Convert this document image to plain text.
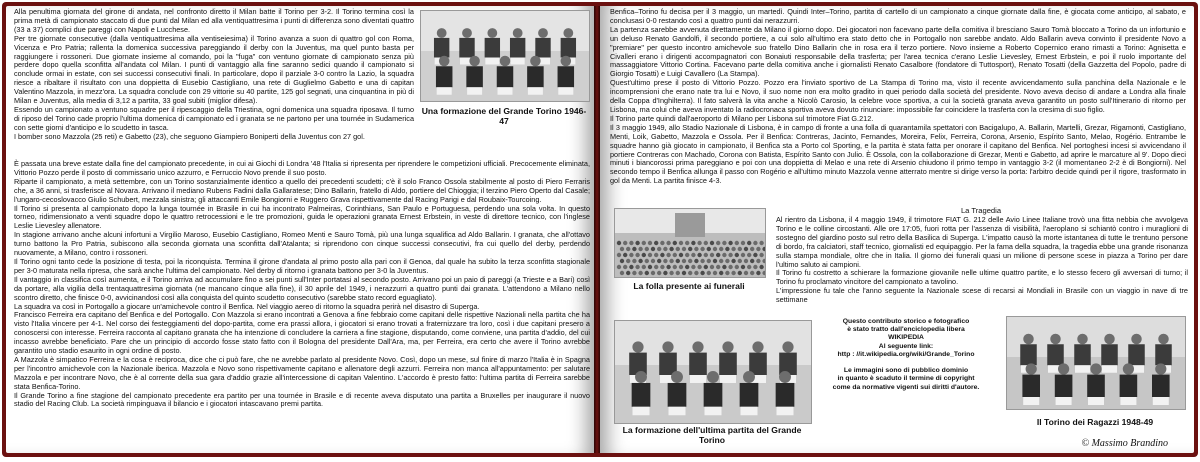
Alla penultima giornata del girone di andata, nel confronto diretto il Milan batte il Torino per 3-2. Il Torino termina così la prima metà di campionato staccato di due punti dal Milan ed alla ventiquattresima i punti di differenza sono diventati quattro (33 a 37) complici due pareggi con Napoli e Lucchese.

Per tre giornate consecutive (dalla ventiquattresima alla ventiseiesima) il Torino avanza a suon di quattro gol con Roma, Vicenza e Pro Patria; rallenta la domenica successiva pareggiando il derby con la Juventus, ma quel punto basta per raggiungere i rossoneri. Due giornate insieme al comando, poi la "fuga" con ventuno giornate di campionato senza più perdere dopo quella sconfitta all'andata col Milan. I punti di vantaggio alla fine saranno sedici quando il campionato si conclude ormai in estate, con sei successi consecutivi finali. In particolare, dopo il parziale 3-0 contro la Lazio, la squadra riesce a ribaltare il risultato con una doppietta di Eusebio Castigliano, una rete di Guglielmo Gabetto e una di capitan Valentino Mazzola, in mezz'ora. La squadra conclude con 29 vittorie su 40 partite, 125 gol segnati, una cinquantina in più di Milan e Juventus, alla media di 3,12 a partita, 33 goal subiti (miglior difesa).

Essendo un campionato a ventuno squadre per il ripescaggio della Triestina, ogni domenica una squadra riposava. Il turno di riposo del Torino cade proprio l'ultima domenica di campionato ed i granata se ne partono per una tournée in Sudamerica con sette giorni d'anticipo e lo scudetto in tasca.

I bomber sono Mazzola (25 reti) e Gabetto (23), che seguono Giampiero Boniperti della Juventus con 27 gol.

Una formazione del Grande Torino 1946-47

È passata una breve estate dalla fine del campionato precedente, in cui ai Giochi di Londra '48 l'Italia si ripresenta per riprendere le competizioni ufficiali. Precocemente eliminata, Vittorio Pozzo perde il posto di commissario unico azzurro, e Ferruccio Novo prende il suo posto.

Riparte il campionato, a metà settembre, con un Torino sostanzialmente identico a quello dei precedenti scudetti; c'è il solo Franco Ossola stabilmente al posto di Piero Ferraris che, a 36 anni, si trasferisce al Novara. Arrivano il mediano Rubens Fadini dalla Gallaratese; Dino Ballarin, fratello di Aldo, portiere del Chioggia; il terzino Piero Operto dal Casale; l'ungaro-cecoslovacco Giulio Schubert, mezzala sinistra; gli attaccanti Emile Bongiorni e Ruggero Grava rispettivamente dal Racing Parigi e dal Roubaix-Tourcoing.

Il Torino si presenta al campionato dopo la lunga tournée in Brasile in cui ha incontrato Palmeiras, Corinthians, San Paulo e Portuguesa, perdendo una sola volta. In questo torneo, ridimensionato a venti squadre dopo le quattro retrocessioni e le tre promozioni, guida le operazioni granata Ernest Erbstein, in veste di direttore tecnico, con l'inglese Leslie Lievesley allenatore.

In stagione arrivano anche alcuni infortuni a Virgilio Maroso, Eusebio Castigliano, Romeo Menti e Sauro Tomà, più una lunga squalifica ad Aldo Ballarin. I granata, che all'ottavo turno battono la Pro Patria, subiscono alla seconda giornata una sconfitta dall'Atalanta; si riprendono con cinque successi consecutivi, fra cui quello del derby, perdendo nuovamente, a Milano, contro i rossoneri.

Il Torino ogni tanto cede la posizione di testa, poi la riconquista. Termina il girone d'andata al primo posto alla pari con il Genoa, dal quale ha subito la terza sconfitta stagionale per 3-0 maturata nella ripresa, che sarà anche l'ultima del campionato. Nel derby di ritorno i granata battono per 3-0 la Juventus.

Il vantaggio in classifica così aumenta, e il Torino arriva ad accumulare fino a sei punti sull'Inter portatasi al secondo posto. Arrivano poi un paio di pareggi (a Trieste e a Bari) così da portare, alla vigilia della trentaquattresima giornata (ne mancano cinque alla fine), il 30 aprile del 1949, i nerazzurri a quattro punti dai granata. L'attendono a Milano nello scontro diretto, che finisce 0-0, avvicinandosi così alla conquista del quinto scudetto consecutivo (sarebbe stato record eguagliato).

La squadra va così in Portogallo a giocare un'amichevole contro il Benfica. Nel viaggio aereo di ritorno la squadra perirà nel disastro di Superga.

Francisco Ferreira era capitano del Benfica e del Portogallo. Con Mazzola si erano incontrati a Genova a fine febbraio come capitani delle rispettive Nazionali nella partita che ha visto l'Italia vincere per 4-1. Nel corso dei festeggiamenti del dopo-partita, come era prassi allora, i giocatori si erano trovati a fraternizzare tra loro, così i due capitani presero a conoscersi con interesse. Ferreira racconta al capitano granata che ha intenzione di concludere la carriera a fine stagione, disputando, come conviene, una partita d'addio, del cui incasso avrebbe beneficiato. Pare che un principio di accordo fosse stato fatto con il Bologna del presidente Dall'Ara, ma, per Ferreira, era certo che avere il Torino avrebbe garantito uno stadio esaurito in ogni ordine di posto.

A Mazzola è simpatico Ferreira e la cosa è reciproca, dice che ci può fare, che ne avrebbe parlato al presidente Novo. Così, dopo un mese, sul finire di marzo l'Italia è in Spagna per l'incontro amichevole con la Nazionale iberica. Mazzola e Novo sono rispettivamente capitano e allenatore degli azzurri. Ferreira non manca all'appuntamento: per salutare Mazzola e per incontrare Novo, che è al corrente della sua gara d'addio grazie all'intercessione di capitan Valentino. L'accordo è presto fatto: l'ultima partita di Ferreira sarebbe stata Benfica-Torino.

Il Grande Torino a fine stagione del campionato precedente era partito per una tournée in Brasile e di recente aveva disputato una partita a Bruxelles per inaugurare il nuovo stadio del Racing Club. La società rimpinguava il bilancio e i giocatori intascavano premi partita.

Benfica–Torino fu decisa per il 3 maggio, un martedì. Quindi Inter–Torino, partita di cartello di un campionato a cinque giornate dalla fine, è giocata come anticipo, al sabato, e conclusasi 0-0 restando così a quattro punti dai nerazzurri.

La partenza sarebbe avvenuta direttamente da Milano il giorno dopo. Dei giocatori non facevano parte della comitiva il bresciano Sauro Tomà bloccato a Torino da un infortunio e un deluso Renato Gandolfi, il secondo portiere, a cui solo all'ultimo era stato detto che in Portogallo non sarebbe andato. Aldo Ballarin aveva convinto il presidente Novo a "premiare" per questo incontro amichevole suo fratello Dino Ballarin che in rosa era il terzo portiere. Novo insieme a Roberto Copernico erano rimasti a Torino: Agnisetta e Civalleri erano i dirigenti accompagnatori con Bonaiuti responsabile della trasferta; per l'area tecnica c'erano Leslie Lievesley, Ernest Erbstein, e poi il ruolo importante del massaggiatore Vittorio Cortina. Facevano parte della comitiva anche i giornalisti Renato Casalbore (fondatore di Tuttosport), Renato Tosatti (della Gazzetta del Popolo, padre di Giorgio Tosatti) e Luigi Cavallero (La Stampa).

Quest'ultimo prese il posto di Vittorio Pozzo. Pozzo era l'inviato sportivo de La Stampa di Torino ma, visto il recente avvicendamento sulla panchina della Nazionale e le incomprensioni che erano nate tra lui e Novo, il suo nome non era molto gradito in quei periodo dalla società del presidente. Novo aveva deciso di andare a Londra alla finale della Coppa d'Inghilterra). Il fato salverà la vita anche a Nicolò Carosio, la celebre voce sportiva, a cui la società granata aveva garantito un posto sull'Itinerario di ritorno per Lisbona, ma colui che aveva inventato la radiocronaca sportiva aveva dovuto rinunciare: impossibile far coincidere la trasferta con la cresima di suo figlio.

Il Torino parte quindi dall'aeroporto di Milano per Lisbona sul trimotore Fiat G.212.

Il 3 maggio 1949, allo Stadio Nazionale di Lisbona, è in campo di fronte a una folla di quarantamila spettatori con Bacigalupo, A. Ballarin, Martelli, Grezar, Rigamonti, Castigliano, Menti, Loik, Gabetto, Mazzola e Ossola. Per il Benfica: Contreras, Jacinto, Fernandes, Moreira, Felix, Ferreira, Corona, Arsenio, Espírito Santo, Melao, Rogério. Entrambe le squadre hanno già giocato in campionato, il Benfica sta a Porto col Sporting, e la partita è stata fatta per onorare il capitano del Benfica. Nel portoghesi incesi si avvicendano il portiere Contreras con Machado, Corona con Batista, Espírito Santo con Julio. È Ossola, con la collaborazione di Grezar, Menti e Gabetto, ad aprire le marcature al 9'. Dopo dieci minuti i biancorossi prima pareggiano e poi con una doppietta di Melao e una rete di Arsenio chiudono il primo tempo in vantaggio 3-2 (il momentaneo 2-2 è di Bongiorni). Nel secondo tempo il Benfica allunga il passo con Rogério e all'ultimo minuto Mazzola venne atterrato mentre si dirige verso la porta: l'arbitro decide quindi per il rigore, trasformato in gol da Menti. La partita finisce 4-3.

La folla presente ai funerali
La Tragedia

Al rientro da Lisbona, il 4 maggio 1949, il trimotore FIAT G. 212 delle Avio Linee Italiane trovò una fitta nebbia che avvolgeva Torino e le colline circostanti. Alle ore 17:05, fuori rotta per l'assenza di visibilità, l'aeroplano si schiantò contro i muraglioni di sostegno del giardino posto sul retro della Basilica di Superga. L'impatto causò la morte istantanea di tutte le trentuno persone di bordo, fra calciatori, staff tecnico, giornalisti ed equipaggio. Per la fama della squadra, la tragedia ebbe una grande risonanza sulla stampa mondiale, oltre che in Italia. Il giorno dei funerali quasi un milione di persone scese in piazza a Torino per dare l'ultimo saluto ai campioni.

Il Torino fu costretto a schierare la formazione giovanile nelle ultime quattro partite, e lo stesso fecero gli avversari di turno; il Torino fu proclamato vincitore del campionato a tavolino.

L'impressione fu tale che l'anno seguente la Nazionale scese di recarsi ai Mondiali in Brasile con un viaggio in nave di tre settimane

La formazione dell'ultima partita del Grande Torino
Questo contributo storico e fotografico
è stato tratto dall'enciclopedia libera
WIKIPEDIA
Al seguente link:
http : //it.wikipedia.org/wiki/Grande_Torino

Le immagini sono di pubblico dominio
in quanto è scaduto il termine di copyright
come da normative vigenti sui diritti d'autore.
Il Torino dei Ragazzi 1948-49
© Massimo Brandino
